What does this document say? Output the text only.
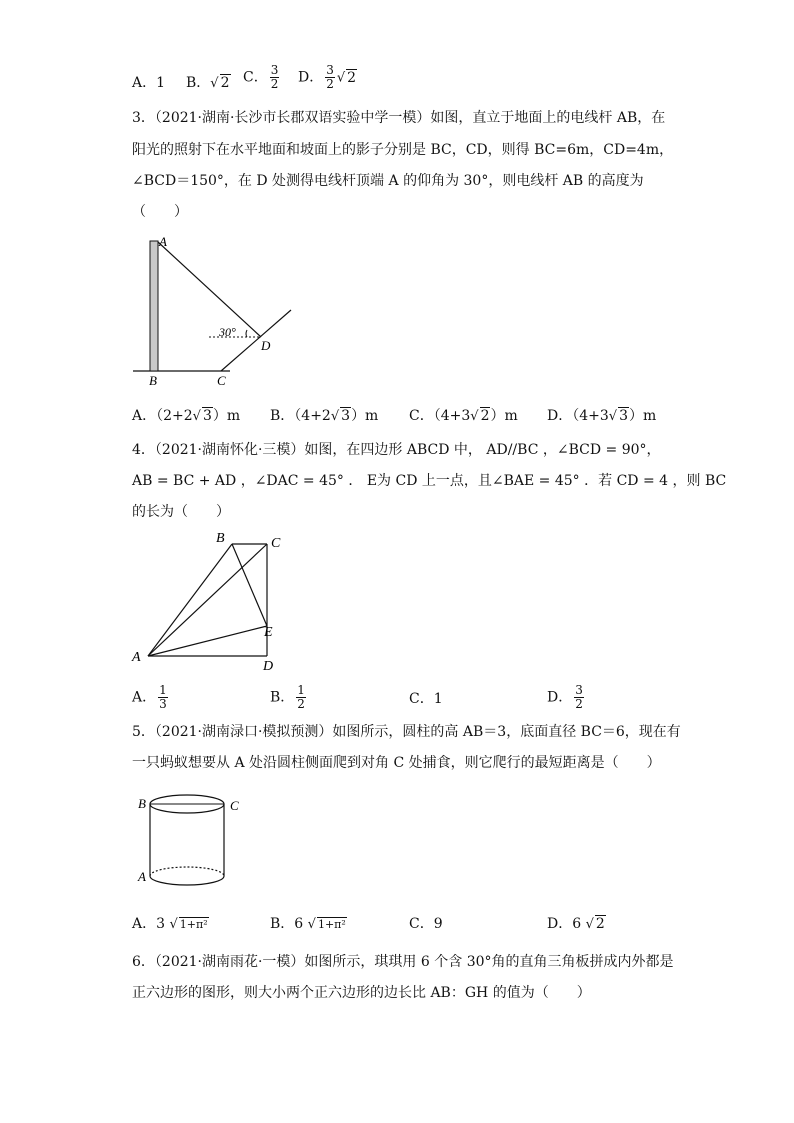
A．1 B．√ 2 C． $\frac{3}{2}$ D． $\frac{3}{2}$ √ 2
3．（2021·湖南·长沙市长郡双语实验中学一模）如图，直立于地面上的电线杆 AB，在
阳光的照射下在水平地面和坡面上的影子分别是 BC，CD，则得 BC=6m，CD=4m，
∠BCD＝150°，在 D 处测得电线杆顶端 A 的仰角为 30°，则电线杆 AB 的高度为
（　　）
A
B	C
D
30°
A．（2+2√ 3）m B．（4+2√ 3）m C．（4+3√ 2）m D．（4+3√ 3）m
4．（2021·湖南怀化·三模）如图，在四边形 ABCD 中， AD//BC ，∠BCD = 90°，
AB = BC + AD ，∠DAC = 45° ． E为 CD 上一点，且∠BAE = 45° ．若 CD = 4 ，则 BC
的长为（　　）
B	C
A
E
D
A． $\frac{1}{3}$	B． $\frac{1}{2}$	C．1	D． $\frac{3}{2}$
5．（2021·湖南渌口·模拟预测）如图所示，圆柱的高 AB＝3，底面直径 BC＝6，现在有
一只蚂蚁想要从 A 处沿圆柱侧面爬到对角 C 处捕食，则它爬行的最短距离是（　　）
B	C
A
A．3 √ 1+π²	B．6 √ 1+π²	C．9	D．6 √ 2
6．（2021·湖南雨花·一模）如图所示，琪琪用 6 个含 30°角的直角三角板拼成内外都是
正六边形的图形，则大小两个正六边形的边长比 AB：GH 的值为（　　）
